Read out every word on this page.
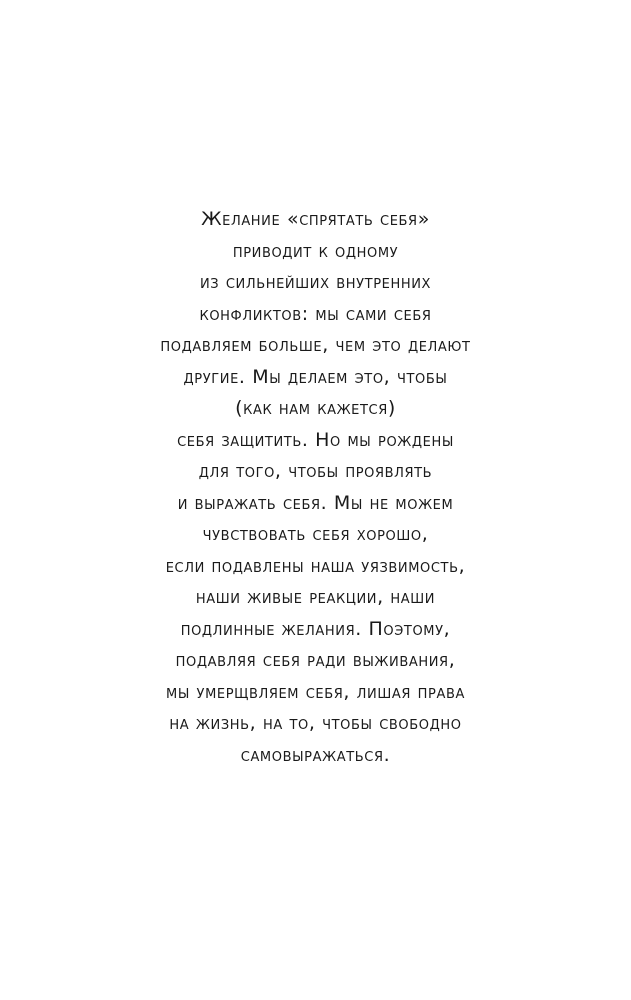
Желание «спрятать себя»
приводит к одному
из сильнейших внутренних
конфликтов: мы сами себя
подавляем больше, чем это делают
другие. Мы делаем это, чтобы
(как нам кажется)
себя защитить. Но мы рождены
для того, чтобы проявлять
и выражать себя. Мы не можем
чувствовать себя хорошо,
если подавлены наша уязвимость,
наши живые реакции, наши
подлинные желания. Поэтому,
подавляя себя ради выживания,
мы умерщвляем себя, лишая права
на жизнь, на то, чтобы свободно
самовыражаться.
